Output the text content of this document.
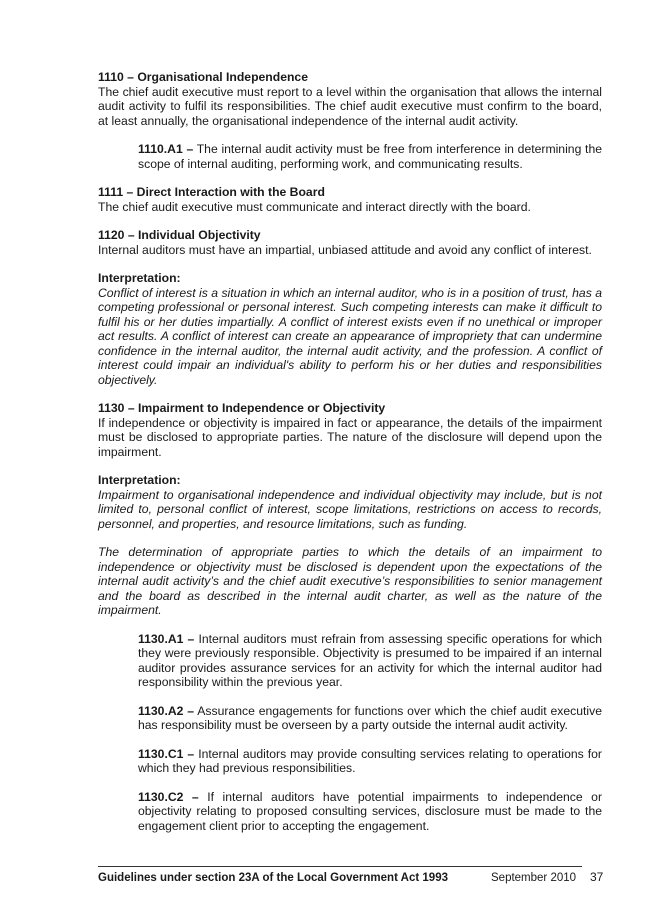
1110 – Organisational Independence

The chief audit executive must report to a level within the organisation that allows the internal audit activity to fulfil its responsibilities. The chief audit executive must confirm to the board, at least annually, the organisational independence of the internal audit activity.

1110.A1 – The internal audit activity must be free from interference in determining the scope of internal auditing, performing work, and communicating results.

1111 – Direct Interaction with the Board

The chief audit executive must communicate and interact directly with the board.

1120 – Individual Objectivity

Internal auditors must have an impartial, unbiased attitude and avoid any conflict of interest.

Interpretation:

Conflict of interest is a situation in which an internal auditor, who is in a position of trust, has a competing professional or personal interest. Such competing interests can make it difficult to fulfil his or her duties impartially. A conflict of interest exists even if no unethical or improper act results. A conflict of interest can create an appearance of impropriety that can undermine confidence in the internal auditor, the internal audit activity, and the profession. A conflict of interest could impair an individual's ability to perform his or her duties and responsibilities objectively.

1130 – Impairment to Independence or Objectivity

If independence or objectivity is impaired in fact or appearance, the details of the impairment must be disclosed to appropriate parties. The nature of the disclosure will depend upon the impairment.

Interpretation:

Impairment to organisational independence and individual objectivity may include, but is not limited to, personal conflict of interest, scope limitations, restrictions on access to records, personnel, and properties, and resource limitations, such as funding.

The determination of appropriate parties to which the details of an impairment to independence or objectivity must be disclosed is dependent upon the expectations of the internal audit activity’s and the chief audit executive’s responsibilities to senior management and the board as described in the internal audit charter, as well as the nature of the impairment.

1130.A1 – Internal auditors must refrain from assessing specific operations for which they were previously responsible. Objectivity is presumed to be impaired if an internal auditor provides assurance services for an activity for which the internal auditor had responsibility within the previous year.

1130.A2 – Assurance engagements for functions over which the chief audit executive has responsibility must be overseen by a party outside the internal audit activity.

1130.C1 – Internal auditors may provide consulting services relating to operations for which they had previous responsibilities.

1130.C2 – If internal auditors have potential impairments to independence or objectivity relating to proposed consulting services, disclosure must be made to the engagement client prior to accepting the engagement.

Guidelines under section 23A of the Local Government Act 1993	September 2010 37
